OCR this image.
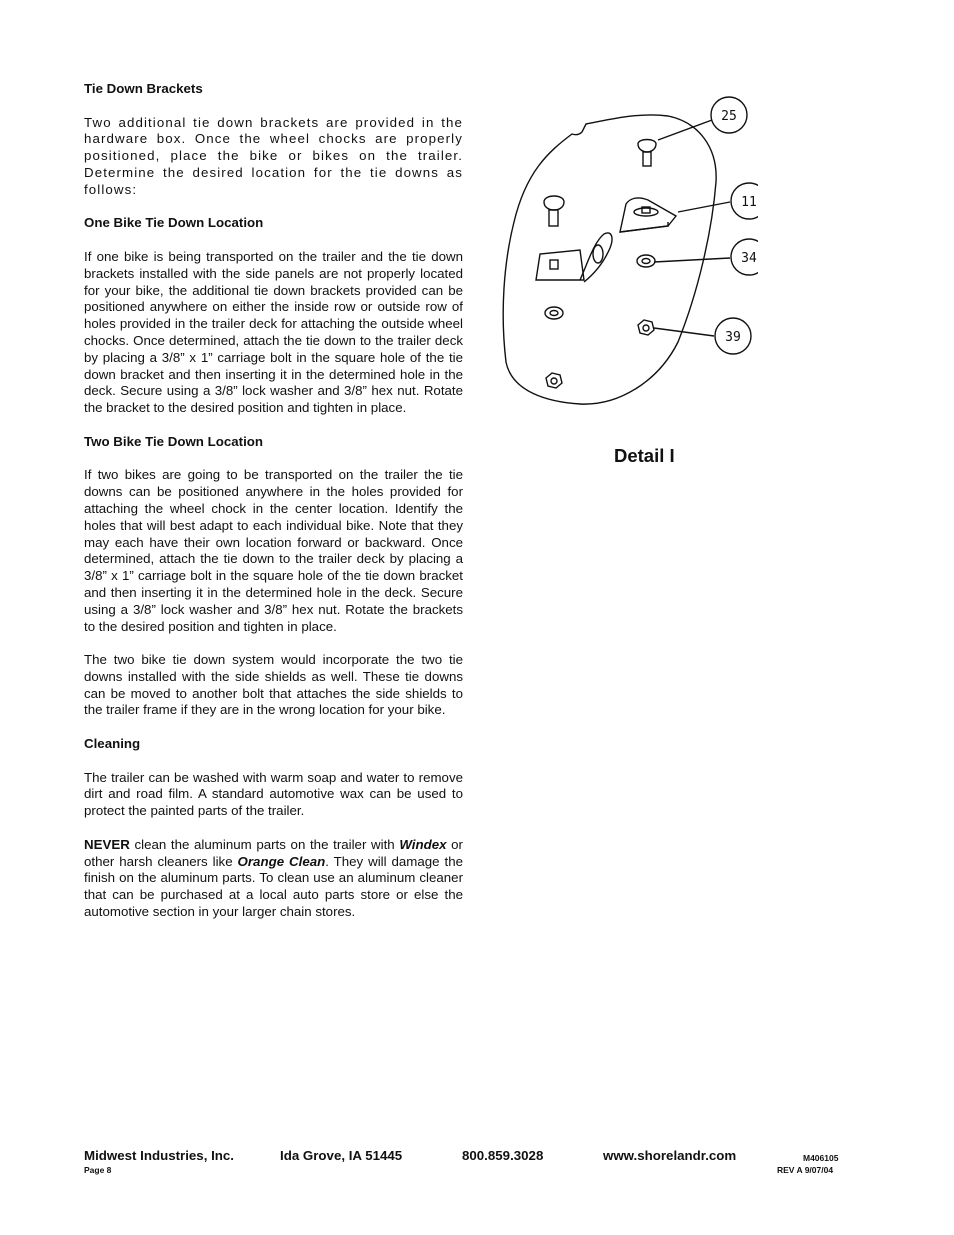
Tie Down Brackets

Two additional tie down brackets are provided in the hardware box. Once the wheel chocks are properly positioned, place the bike or bikes on the trailer. Determine the desired location for the tie downs as follows:

One Bike Tie Down Location

If one bike is being transported on the trailer and the tie down brackets installed with the side panels are not properly located for your bike, the additional tie down brackets provided can be positioned anywhere on either the inside row or outside row of holes provided in the trailer deck for attaching the outside wheel chocks. Once determined, attach the tie down to the trailer deck by placing a 3/8” x 1” carriage bolt in the square hole of the tie down bracket and then inserting it in the determined hole in the deck. Secure using a 3/8” lock washer and 3/8” hex nut. Rotate the bracket to the desired position and tighten in place.

Two Bike Tie Down Location

If two bikes are going to be transported on the trailer the tie downs can be positioned anywhere in the holes provided for attaching the wheel chock in the center location. Identify the holes that will best adapt to each individual bike. Note that they may each have their own location forward or backward. Once determined, attach the tie down to the trailer deck by placing a 3/8” x 1” carriage bolt in the square hole of the tie down bracket and then inserting it in the determined hole in the deck. Secure using a 3/8” lock washer and 3/8” hex nut. Rotate the brackets to the desired position and tighten in place.

The two bike tie down system would incorporate the two tie downs installed with the side shields as well. These tie downs can be moved to another bolt that attaches the side shields to the trailer frame if they are in the wrong location for your bike.

Cleaning

The trailer can be washed with warm soap and water to remove dirt and road film. A standard automotive wax can be used to protect the painted parts of the trailer.

NEVER clean the aluminum parts on the trailer with Windex or other harsh cleaners like Orange Clean. They will damage the finish on the aluminum parts. To clean use an aluminum cleaner that can be purchased at a local auto parts store or else the automotive section in your larger chain stores.

25
11
34
39
Detail I
Midwest Industries, Inc.	Ida Grove, IA 51445	800.859.3028	www.shorelandr.com	M406105
Page 8	REV A 9/07/04
